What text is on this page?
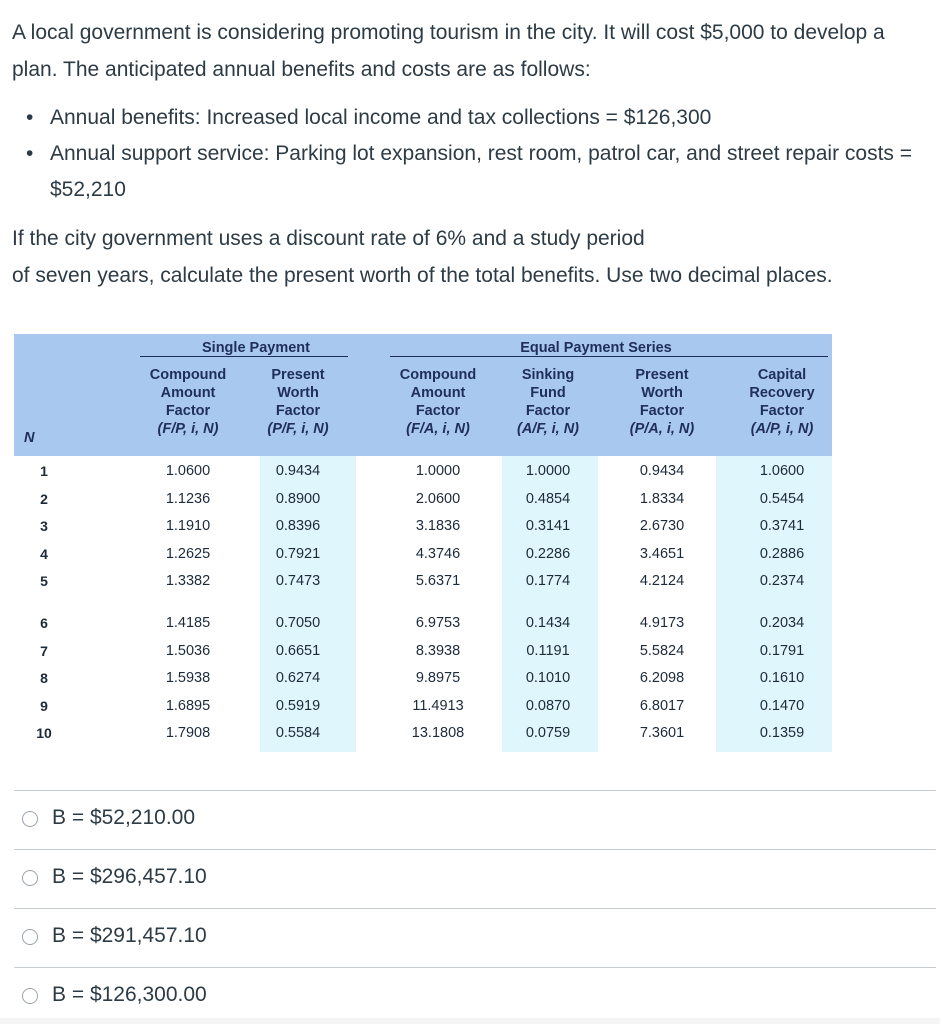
A local government is considering promoting tourism in the city. It will cost $5,000 to develop a plan. The anticipated annual benefits and costs are as follows:

• Annual benefits: Increased local income and tax collections = $126,300
• Annual support service: Parking lot expansion, rest room, patrol car, and street repair costs = $52,210

If the city government uses a discount rate of 6% and a study period
of seven years, calculate the present worth of the total benefits. Use two decimal places.

Single Payment	Equal Payment Series
N
Compound
Amount
Factor
(F/P, i, N)
Present
Worth
Factor
(P/F, i, N)
Compound
Amount
Factor
(F/A, i, N)
Sinking
Fund
Factor
(A/F, i, N)
Present
Worth
Factor
(P/A, i, N)
Capital
Recovery
Factor
(A/P, i, N)
1	1.0600	0.9434	1.0000	1.0000	0.9434	1.0600
2	1.1236	0.8900	2.0600	0.4854	1.8334	0.5454
3	1.1910	0.8396	3.1836	0.3141	2.6730	0.3741
4	1.2625	0.7921	4.3746	0.2286	3.4651	0.2886
5	1.3382	0.7473	5.6371	0.1774	4.2124	0.2374
6	1.4185	0.7050	6.9753	0.1434	4.9173	0.2034
7	1.5036	0.6651	8.3938	0.1191	5.5824	0.1791
8	1.5938	0.6274	9.8975	0.1010	6.2098	0.1610
9	1.6895	0.5919	11.4913	0.0870	6.8017	0.1470
10	1.7908	0.5584	13.1808	0.0759	7.3601	0.1359
B = $52,210.00
B = $296,457.10
B = $291,457.10
B = $126,300.00
